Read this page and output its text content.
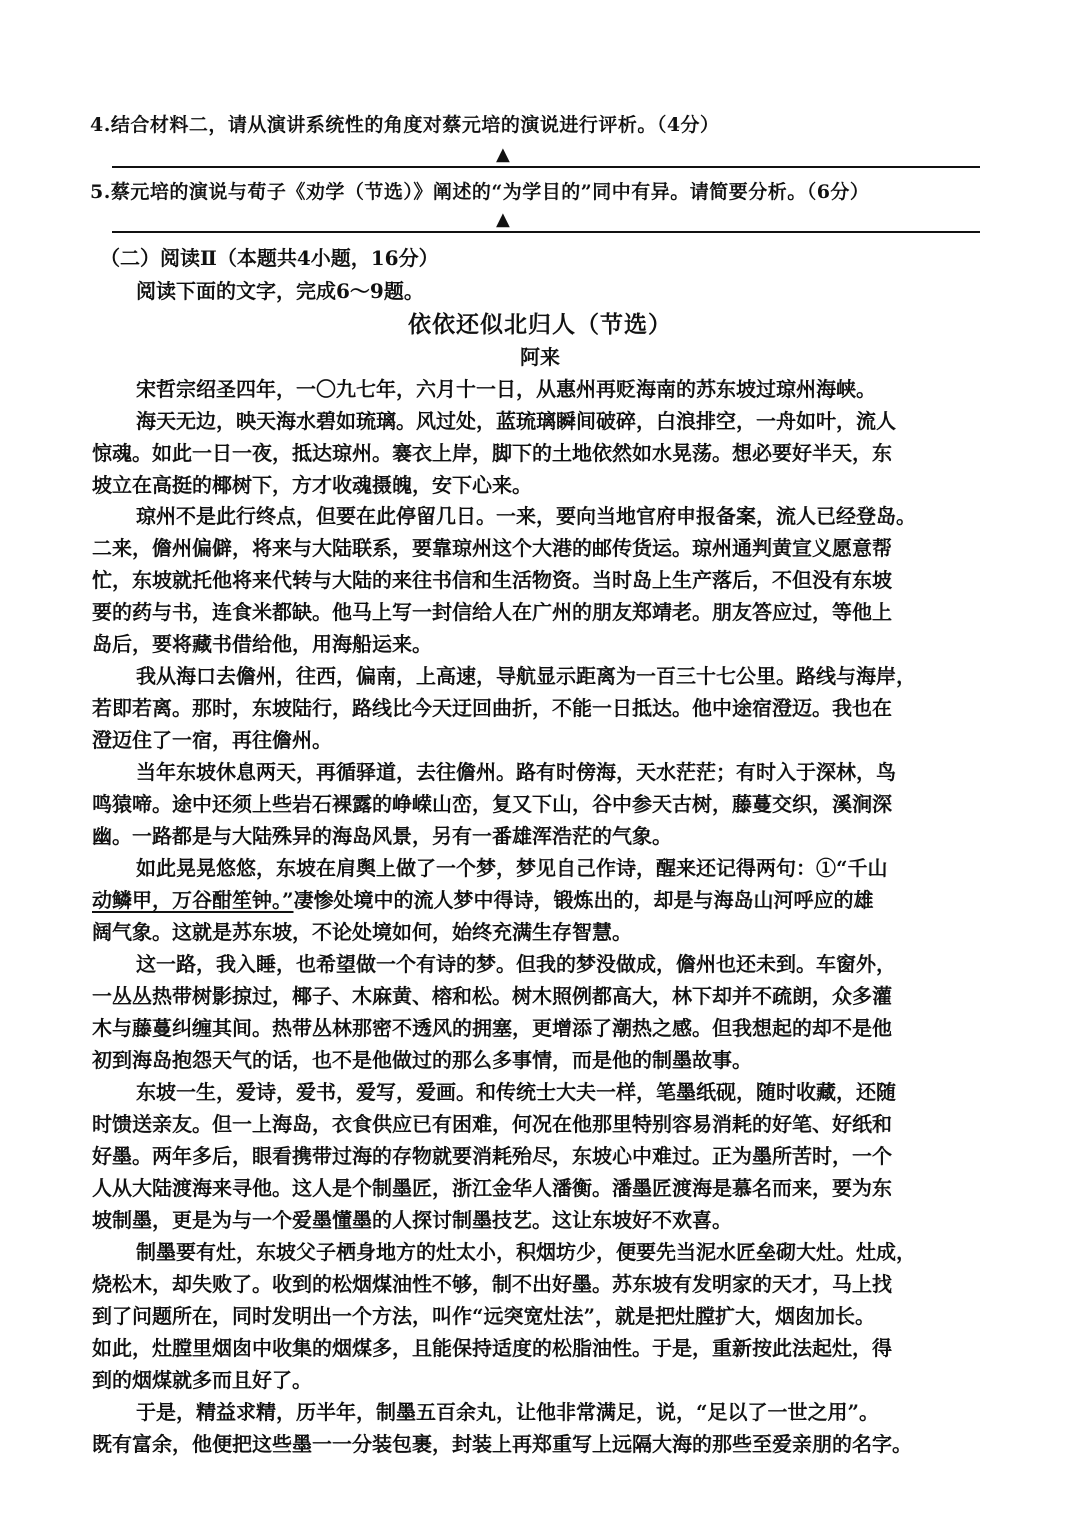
4.结合材料二，请从演讲系统性的角度对蔡元培的演说进行评析。（4分）
▲
5.蔡元培的演说与荀子《劝学（节选）》阐述的“为学目的”同中有异。请简要分析。（6分）
▲
（二）阅读Ⅱ（本题共4小题，16分）
阅读下面的文字，完成6～9题。
依依还似北归人（节选）
阿来
宋哲宗绍圣四年，一〇九七年，六月十一日，从惠州再贬海南的苏东坡过琼州海峡。
海天无边，映天海水碧如琉璃。风过处，蓝琉璃瞬间破碎，白浪排空，一舟如叶，流人
惊魂。如此一日一夜，抵达琼州。褰衣上岸，脚下的土地依然如水晃荡。想必要好半天，东
坡立在高挺的椰树下，方才收魂摄魄，安下心来。
琼州不是此行终点，但要在此停留几日。一来，要向当地官府申报备案，流人已经登岛。
二来，儋州偏僻，将来与大陆联系，要靠琼州这个大港的邮传货运。琼州通判黄宣义愿意帮
忙，东坡就托他将来代转与大陆的来往书信和生活物资。当时岛上生产落后，不但没有东坡
要的药与书，连食米都缺。他马上写一封信给人在广州的朋友郑靖老。朋友答应过，等他上
岛后，要将藏书借给他，用海船运来。
我从海口去儋州，往西，偏南，上高速，导航显示距离为一百三十七公里。路线与海岸，
若即若离。那时，东坡陆行，路线比今天迂回曲折，不能一日抵达。他中途宿澄迈。我也在
澄迈住了一宿，再往儋州。
当年东坡休息两天，再循驿道，去往儋州。路有时傍海，天水茫茫；有时入于深林，鸟
鸣猿啼。途中还须上些岩石裸露的峥嵘山峦，复又下山，谷中参天古树，藤蔓交织，溪涧深
幽。一路都是与大陆殊异的海岛风景，另有一番雄浑浩茫的气象。
如此晃晃悠悠，东坡在肩舆上做了一个梦，梦见自己作诗，醒来还记得两句：①“千山
动鳞甲，万谷酣笙钟。”凄惨处境中的流人梦中得诗，锻炼出的，却是与海岛山河呼应的雄
阔气象。这就是苏东坡，不论处境如何，始终充满生存智慧。
这一路，我入睡，也希望做一个有诗的梦。但我的梦没做成，儋州也还未到。车窗外，
一丛丛热带树影掠过，椰子、木麻黄、榕和松。树木照例都高大，林下却并不疏朗，众多灌
木与藤蔓纠缠其间。热带丛林那密不透风的拥塞，更增添了潮热之感。但我想起的却不是他
初到海岛抱怨天气的话，也不是他做过的那么多事情，而是他的制墨故事。
东坡一生，爱诗，爱书，爱写，爱画。和传统士大夫一样，笔墨纸砚，随时收藏，还随
时馈送亲友。但一上海岛，衣食供应已有困难，何况在他那里特别容易消耗的好笔、好纸和
好墨。两年多后，眼看携带过海的存物就要消耗殆尽，东坡心中难过。正为墨所苦时，一个
人从大陆渡海来寻他。这人是个制墨匠，浙江金华人潘衡。潘墨匠渡海是慕名而来，要为东
坡制墨，更是为与一个爱墨懂墨的人探讨制墨技艺。这让东坡好不欢喜。
制墨要有灶，东坡父子栖身地方的灶太小，积烟坊少，便要先当泥水匠垒砌大灶。灶成，
烧松木，却失败了。收到的松烟煤油性不够，制不出好墨。苏东坡有发明家的天才，马上找
到了问题所在，同时发明出一个方法，叫作“远突宽灶法”，就是把灶膛扩大，烟囱加长。
如此，灶膛里烟囱中收集的烟煤多，且能保持适度的松脂油性。于是，重新按此法起灶，得
到的烟煤就多而且好了。
于是，精益求精，历半年，制墨五百余丸，让他非常满足，说，“足以了一世之用”。
既有富余，他便把这些墨一一分装包裹，封装上再郑重写上远隔大海的那些至爱亲朋的名字。
